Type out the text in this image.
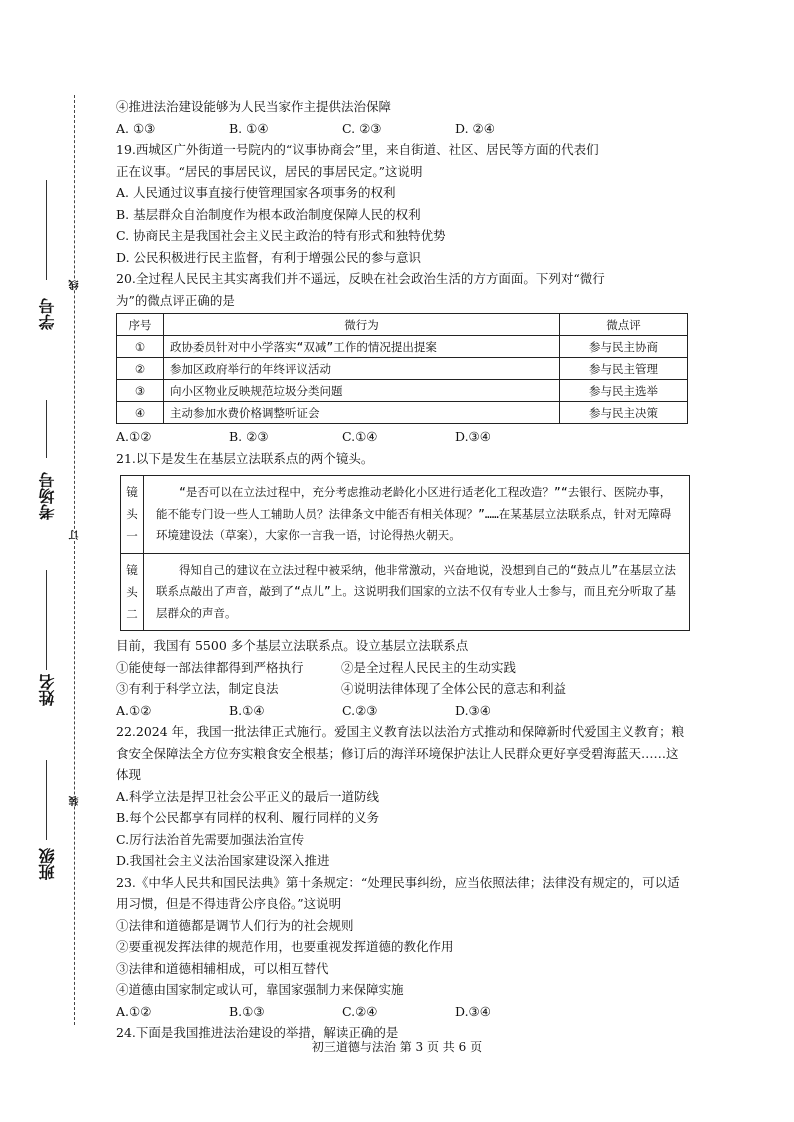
学号
考场号
姓名
班级
线
订
装
④推进法治建设能够为人民当家作主提供法治保障
A. ①③	B. ①④	C. ②③	D. ②④
19.西城区广外街道一号院内的“议事协商会”里，来自街道、社区、居民等方面的代表们
正在议事。“居民的事居民议，居民的事居民定。”这说明
A. 人民通过议事直接行使管理国家各项事务的权利
B. 基层群众自治制度作为根本政治制度保障人民的权利
C. 协商民主是我国社会主义民主政治的特有形式和独特优势
D. 公民积极进行民主监督，有利于增强公民的参与意识
20.全过程人民民主其实离我们并不遥远，反映在社会政治生活的方方面面。下列对“微行
为”的微点评正确的是
序号	微行为	微点评
①	政协委员针对中小学落实“双减”工作的情况提出提案	参与民主协商
②	参加区政府举行的年终评议活动	参与民主管理
③	向小区物业反映规范垃圾分类问题	参与民主选举
④	主动参加水费价格调整听证会	参与民主决策
A.①②	B. ②③	C.①④	D.③④
21.以下是发生在基层立法联系点的两个镜头。
镜
头
一	“是否可以在立法过程中，充分考虑推动老龄化小区进行适老化工程改造？”“去银行、医院办事，能不能专门设一些人工辅助人员？法律条文中能否有相关体现？”……在某基层立法联系点，针对无障碍环境建设法（草案），大家你一言我一语，讨论得热火朝天。

镜
头
二	得知自己的建议在立法过程中被采纳，他非常激动，兴奋地说，没想到自己的“鼓点儿”在基层立法联系点敲出了声音，敲到了“点儿”上。这说明我们国家的立法不仅有专业人士参与，而且充分听取了基层群众的声音。
目前，我国有 5500 多个基层立法联系点。设立基层立法联系点
①能使每一部法律都得到严格执行	②是全过程人民民主的生动实践
③有利于科学立法，制定良法	④说明法律体现了全体公民的意志和利益
A.①②	B.①④	C.②③	D.③④
22.2024 年，我国一批法律正式施行。爱国主义教育法以法治方式推动和保障新时代爱国主义教育；粮食安全保障法全方位夯实粮食安全根基；修订后的海洋环境保护法让人民群众更好享受碧海蓝天……这体现
A.科学立法是捍卫社会公平正义的最后一道防线
B.每个公民都享有同样的权利、履行同样的义务
C.厉行法治首先需要加强法治宣传
D.我国社会主义法治国家建设深入推进
23.《中华人民共和国民法典》第十条规定：“处理民事纠纷，应当依照法律；法律没有规定的，可以适用习惯，但是不得违背公序良俗。”这说明
①法律和道德都是调节人们行为的社会规则
②要重视发挥法律的规范作用，也要重视发挥道德的教化作用
③法律和道德相辅相成，可以相互替代
④道德由国家制定或认可，靠国家强制力来保障实施
A.①②	B.①③	C.②④	D.③④
24.下面是我国推进法治建设的举措，解读正确的是
初三道德与法治 第 3 页 共 6 页
